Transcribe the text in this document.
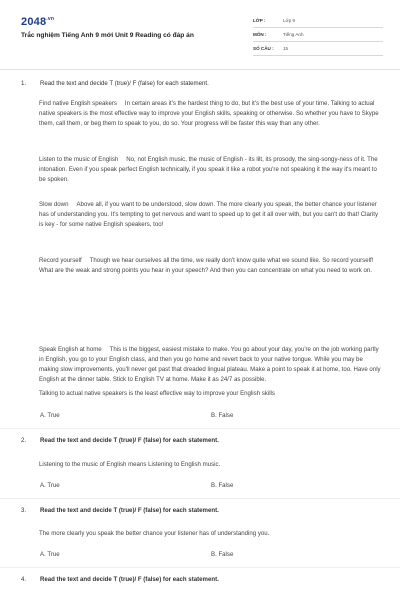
$2048^{.vn}$
Trắc nghiệm Tiếng Anh 9 mới Unit 9 Reading có đáp án
LỚP :	Lớp 9
MÔN :	Tiếng Anh
SỐ CÂU :	15
1. Read the text and decide T (true)/ F (false) for each statement.
Find native English speakers In certain areas it's the hardest thing to do, but it's the best use of your time. Talking to actual native speakers is the most effective way to improve your English skills, speaking or otherwise. So whether you have to Skype them, call them, or beg them to speak to you, do so. Your progress will be faster this way than any other.
Listen to the music of English No, not English music, the music of English - its lilt, its prosody, the sing-songy-ness of it. The intonation. Even if you speak perfect English technically, if you speak it like a robot you're not speaking it the way it's meant to be spoken.
Slow down Above all, if you want to be understood, slow down. The more clearly you speak, the better chance your listener has of understanding you. It's tempting to get nervous and want to speed up to get it all over with, but you can't do that! Clarity is key - for some native English speakers, too!
Record yourself Though we hear ourselves all the time, we really don't know quite what we sound like. So record yourself! What are the weak and strong points you hear in your speech? And then you can concentrate on what you need to work on.
Speak English at home This is the biggest, easiest mistake to make. You go about your day, you're on the job working partly in English, you go to your English class, and then you go home and revert back to your native tongue. While you may be making slow improvements, you'll never get past that dreaded lingual plateau. Make a point to speak it at home, too. Have only English at the dinner table. Stick to English TV at home. Make it as 24/7 as possible.
Talking to actual native speakers is the least effective way to improve your English skills
A. True	B. False
2. Read the text and decide T (true)/ F (false) for each statement.
Listening to the music of English means Listening to English music.
A. True	B. False
3. Read the text and decide T (true)/ F (false) for each statement.
The more clearly you speak the better chance your listener has of understanding you.
A. True	B. False
4. Read the text and decide T (true)/ F (false) for each statement.
